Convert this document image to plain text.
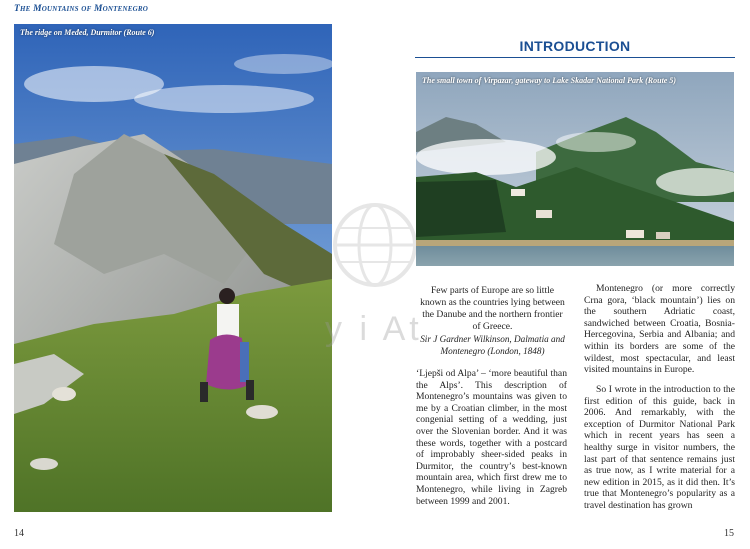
The Mountains of Montenegro
The ridge on Međed, Durmitor (Route 6)
y i At
INTRODUCTION
The small town of Virpazar, gateway to Lake Skadar National Park (Route 5)
Few parts of Europe are so little known as the countries lying between the Danube and the northern frontier of Greece.
Sir J Gardner Wilkinson, Dalmatia and Montenegro (London, 1848)

‘Ljepši od Alpa’ – ‘more beautiful than the Alps’. This description of Montenegro’s mountains was given to me by a Croatian climber, in the most congenial setting of a wedding, just over the Slovenian border. And it was these words, together with a postcard of improbably sheer-sided peaks in Durmitor, the country’s best-known mountain area, which first drew me to Montenegro, while living in Zagreb between 1999 and 2001.

Montenegro (or more correctly Crna gora, ‘black mountain’) lies on the southern Adriatic coast, sandwiched between Croatia, Bosnia-Hercegovina, Serbia and Albania; and within its borders are some of the wildest, most spectacular, and least visited mountains in Europe.

So I wrote in the introduction to the first edition of this guide, back in 2006. And remarkably, with the exception of Durmitor National Park which in recent years has seen a healthy surge in visitor numbers, the last part of that sentence remains just as true now, as I write material for a new edition in 2015, as it did then. It’s true that Montenegro’s popularity as a travel destination has grown

14	15
